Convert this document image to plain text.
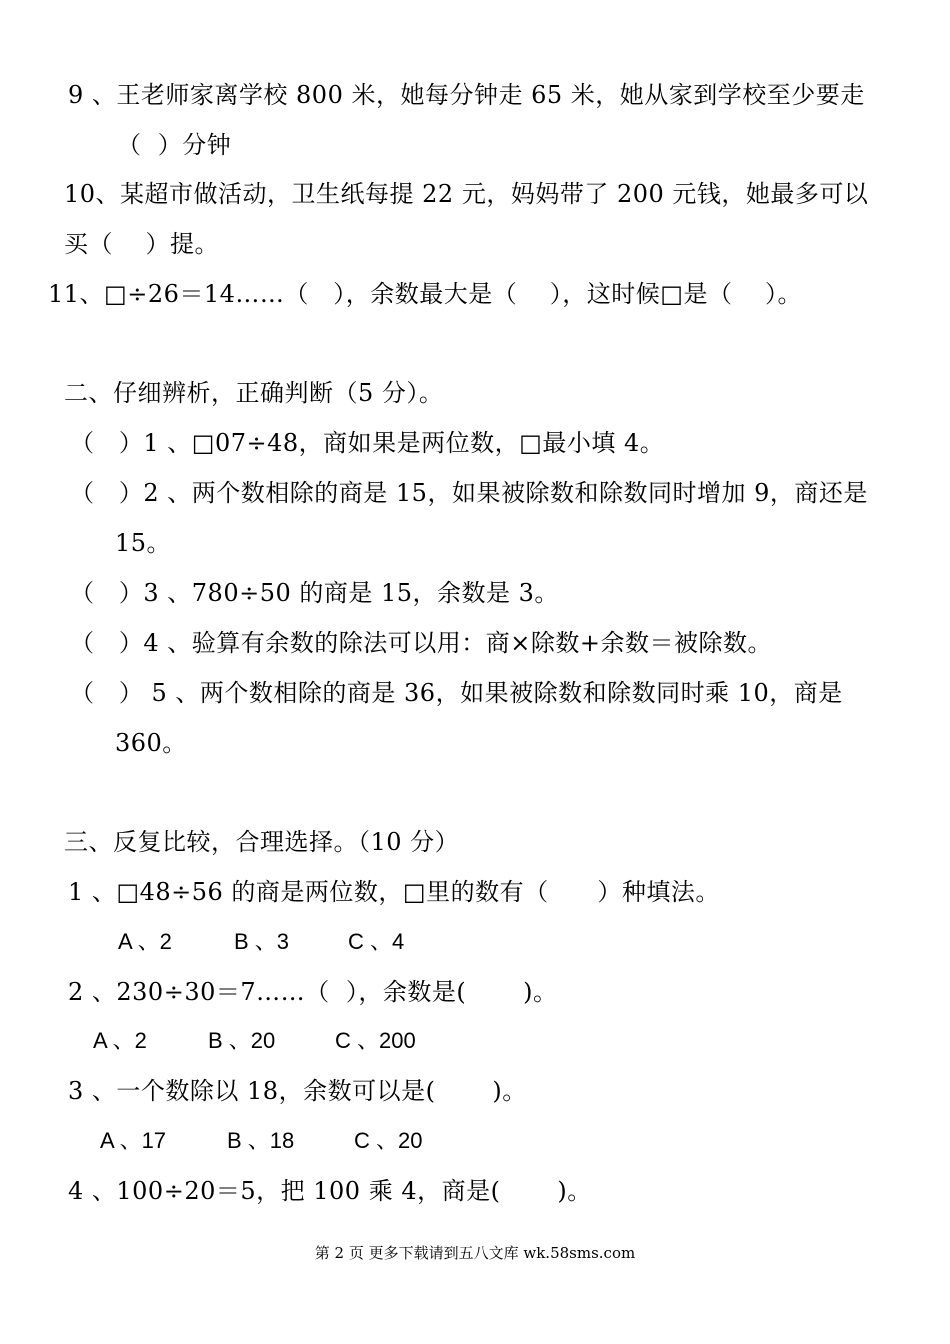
9 、王老师家离学校 800 米，她每分钟走 65 米，她从家到学校至少要走
（  ）分钟
10、某超市做活动，卫生纸每提 22 元，妈妈带了 200 元钱，她最多可以
买（    ）提。
11、□÷26＝14……（   ），余数最大是（    ），这时候□是（    ）。
二、仔细辨析，正确判断（5 分）。
（   ）1 、□07÷48，商如果是两位数，□最小填 4。
（   ）2 、两个数相除的商是 15，如果被除数和除数同时增加 9，商还是
15。
（   ）3 、780÷50 的商是 15，余数是 3。
（   ）4 、验算有余数的除法可以用：商×除数+余数＝被除数。
（   ） 5 、两个数相除的商是 36，如果被除数和除数同时乘 10，商是
360。
三、反复比较，合理选择。（10 分）
1 、□48÷56 的商是两位数，□里的数有（      ）种填法。
A 、2	B 、3	C 、4
2 、230÷30＝7……（  ），余数是(       )。
A 、2	B 、20	C 、200
3 、一个数除以 18，余数可以是(       )。
A 、17	B 、18	C 、20
4 、100÷20＝5，把 100 乘 4，商是(       )。
第 2 页 更多下载请到五八文库 wk.58sms.com
